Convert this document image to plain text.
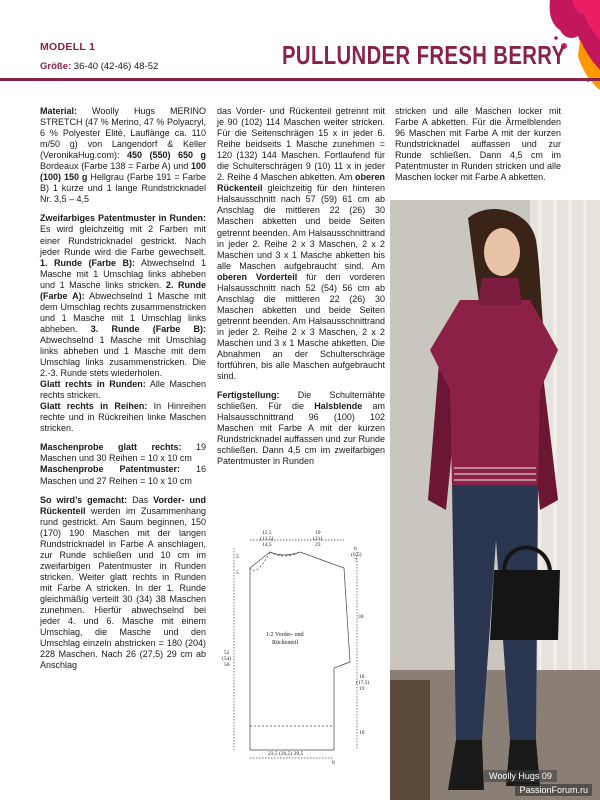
MODELL 1
Größe: 36-40 (42-46) 48-52	PULLUNDER FRESH BERRY

Material: Woolly Hugs MERINO STRETCH (47 % Merino, 47 % Polyacryl, 6 % Polyester Elité, Lauflänge ca. 110 m/50 g) von Langendorf & Keller (VeronikaHug.com): 450 (550) 650 g Bordeaux (Farbe 138 = Farbe A) und 100 (100) 150 g Hellgrau (Farbe 191 = Farbe B) 1 kurze und 1 lange Rundstricknadel Nr. 3,5 – 4,5

Zweifarbiges Patentmuster in Runden: Es wird gleichzeitig mit 2 Farben mit einer Rundstricknadel gestrickt. Nach jeder Runde wird die Farbe gewechselt. 1. Runde (Farbe B): Abwechselnd 1 Masche mit 1 Umschlag links abheben und 1 Masche links stricken. 2. Runde (Farbe A): Abwechselnd 1 Masche mit dem Umschlag rechts zusammenstricken und 1 Masche mit 1 Umschlag links abheben. 3. Runde (Farbe B): Abwechselnd 1 Masche mit Umschlag links abheben und 1 Masche mit dem Umschlag links zusammenstricken. Die 2.-3. Runde stets wiederholen.

Glatt rechts in Runden: Alle Maschen rechts stricken.

Glatt rechts in Reihen: In Hinreihen rechte und in Rückreihen linke Maschen stricken.

Maschenprobe glatt rechts: 19 Maschen und 30 Reihen = 10 x 10 cm

Maschenprobe Patentmuster: 16 Maschen und 27 Reihen = 10 x 10 cm

So wird’s gemacht: Das Vorder- und Rückenteil werden im Zusammenhang rund gestrickt. Am Saum beginnen, 150 (170) 190 Maschen mit der langen Rundstricknadel in Farbe A anschlagen, zur Runde schließen und 10 cm im zweifarbigen Patentmuster in Runden stricken. Weiter glatt rechts in Runden mit Farbe A stricken. In der 1. Runde gleichmäßig verteilt 30 (34) 38 Maschen zunehmen. Hierfür abwechselnd bei jeder 4. und 6. Masche mit einem Umschlag, die Masche und den Umschlag einzeln abstricken = 180 (204) 228 Maschen. Nach 26 (27,5) 29 cm ab Anschlag

das Vorder- und Rückenteil getrennt mit je 90 (102) 114 Maschen weiter stricken. Für die Seitenschrägen 15 x in jeder 6. Reihe beidseits 1 Masche zunehmen = 120 (132) 144 Maschen. Fortlaufend für die Schulterschrägen 9 (10) 11 x in jeder 2. Reihe 4 Maschen abketten. Am oberen Rückenteil gleichzeitig für den hinteren Halsausschnitt nach 57 (59) 61 cm ab Anschlag die mittleren 22 (26) 30 Maschen abketten und beide Seiten getrennt beenden. Am Halsausschnittrand in jeder 2. Reihe 2 x 3 Maschen, 2 x 2 Maschen und 3 x 1 Masche abketten bis alle Maschen aufgebraucht sind. Am oberen Vorderteil für den vorderen Halsausschnitt nach 52 (54) 56 cm ab Anschlag die mittleren 22 (26) 30 Maschen abketten und beide Seiten getrennt beenden. Am Halsausschnittrand in jeder 2. Reihe 2 x 3 Maschen, 2 x 2 Maschen und 3 x 1 Masche abketten. Die Abnahmen an der Schulterschräge fortführen, bis alle Maschen aufgebraucht sind.

Fertigstellung: Die Schulternähte schließen. Für die Halsblende am Halsausschnittrand 96 (100) 102 Maschen mit Farbe A mit der kurzen Rundstricknadel auffassen und zur Runde schließen. Dann 4,5 cm im zweifarbigen Patentmuster in Runden

stricken und alle Maschen locker mit Farbe A abketten. Für die Ärmelblenden 96 Maschen mit Farbe A mit der kurzen Rundstricknadel auffassen und zur Runde schließen. Dann 4,5 cm im Patentmuster in Runden stricken und alle Maschen locker mit Farbe A abketten.

12,5
(13,5)
14,5
19
(21)
23
5
5
6
(6,5)
7
30
52
(54)
56
16
(17,5)
19
10
1/2 Vorder- und
Rückenteil
23,5 (26,5) 29,5
8
Woolly Hugs 09
PassionForum.ru
